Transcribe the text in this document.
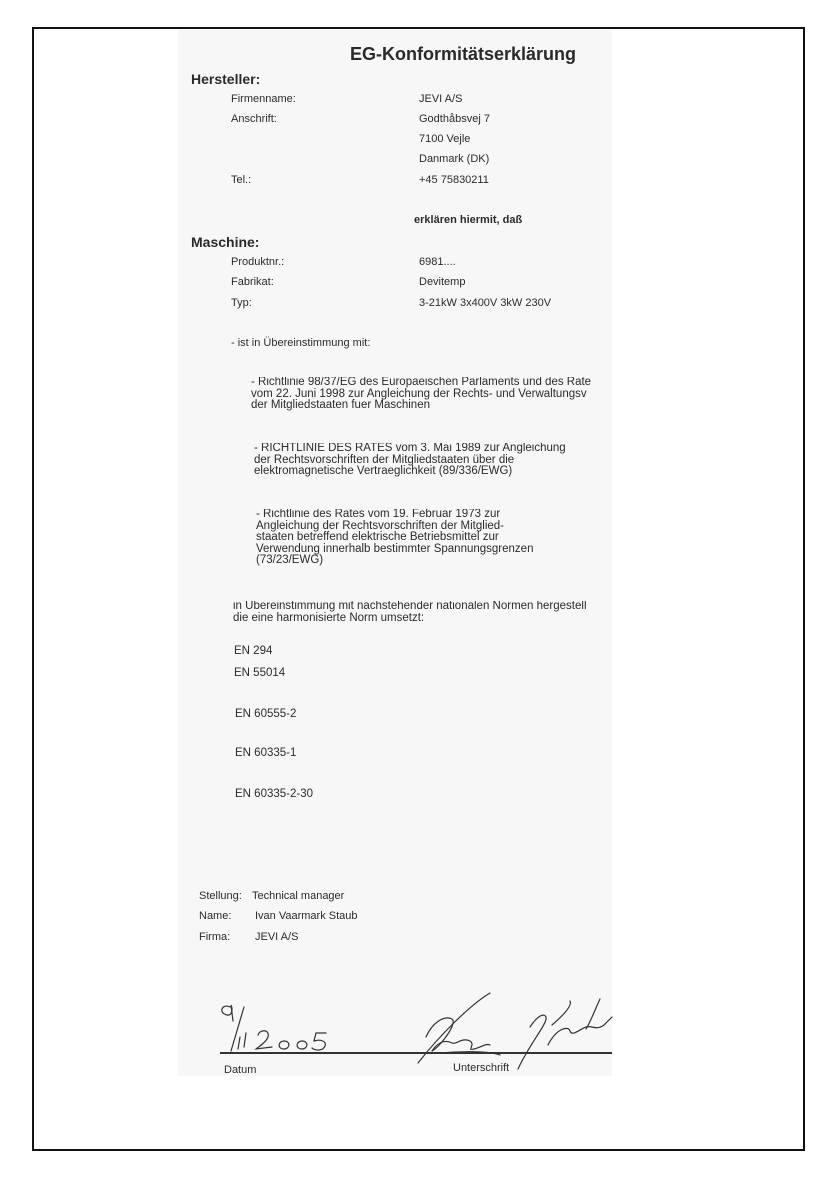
EG-Konformitätserklärung
Hersteller:
Firmenname:	JEVI A/S
Anschrift:	Godthåbsvej 7
7100 Vejle
Danmark (DK)
Tel.:	+45 75830211
erklären hiermit, daß
Maschine:
Produktnr.:	6981....
Fabrikat:	Devitemp
Typ:	3-21kW 3x400V 3kW 230V
- ist in Übereinstimmung mit:
- Richtlinie 98/37/EG des Europaeischen Parlaments und des Rate
vom 22. Juni 1998 zur Angleichung der Rechts- und Verwaltungsv
der Mitgliedstaaten fuer Maschinen
- RICHTLINIE DES RATES vom 3. Mai 1989 zur Angleichung
der Rechtsvorschriften der Mitgliedstaaten über die
elektromagnetische Vertraeglichkeit (89/336/EWG)
- Richtlinie des Rates vom 19. Februar 1973 zur
Angleichung der Rechtsvorschriften der Mitglied-
staaten betreffend elektrische Betriebsmittel zur
Verwendung innerhalb bestimmter Spannungsgrenzen
(73/23/EWG)
in Übereinstimmung mit nachstehender nationalen Normen hergestell
die eine harmonisierte Norm umsetzt:
EN 294
EN 55014
EN 60555-2
EN 60335-1
EN 60335-2-30
Stellung: Technical manager
Name: Ivan Vaarmark Staub
Firma: JEVI A/S
Datum	Unterschrift
